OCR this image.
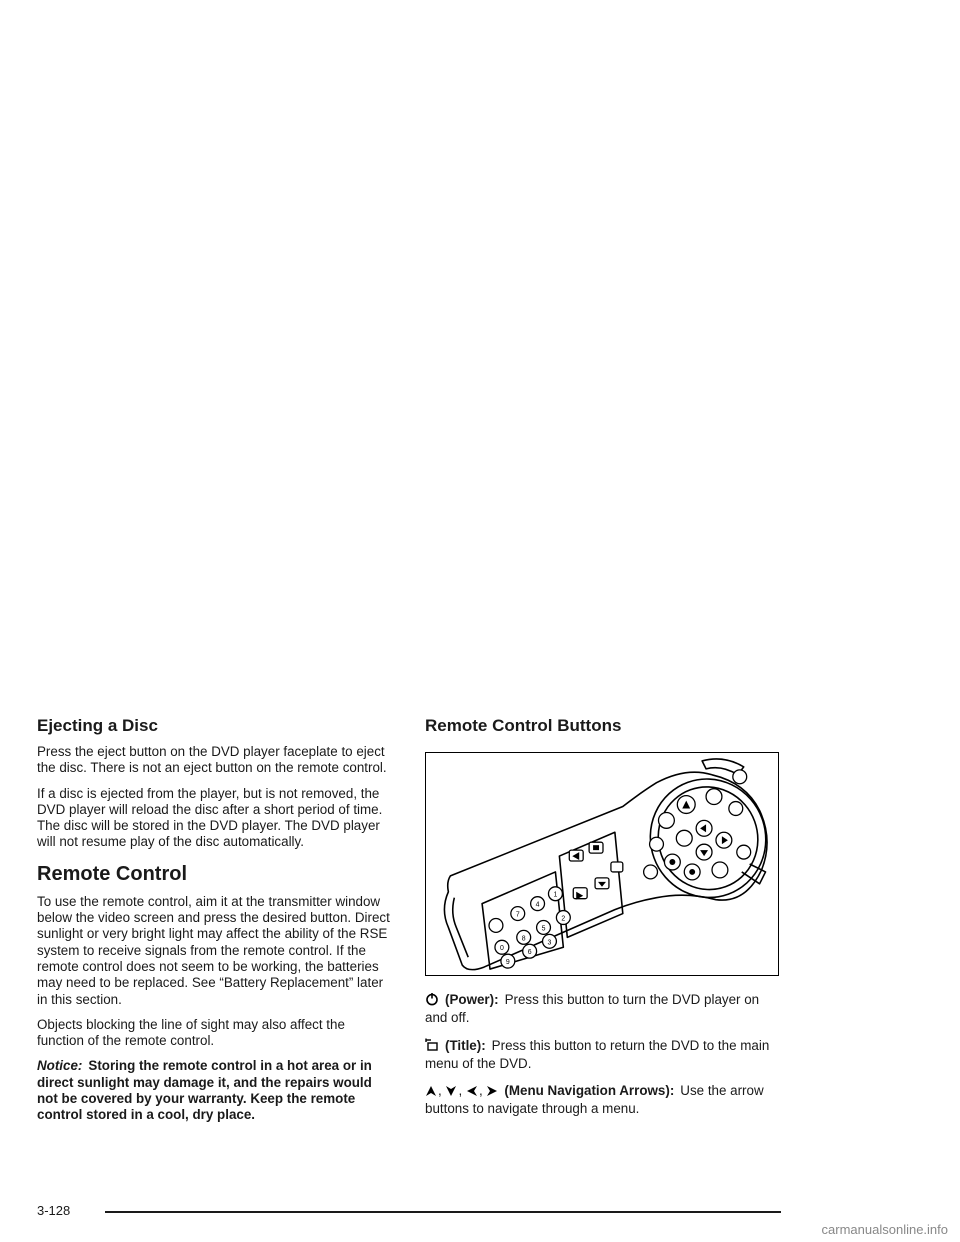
Ejecting a Disc

Press the eject button on the DVD player faceplate to eject the disc. There is not an eject button on the remote control.

If a disc is ejected from the player, but is not removed, the DVD player will reload the disc after a short period of time. The disc will be stored in the DVD player. The DVD player will not resume play of the disc automatically.

Remote Control

To use the remote control, aim it at the transmitter window below the video screen and press the desired button. Direct sunlight or very bright light may affect the ability of the RSE system to receive signals from the remote control. If the remote control does not seem to be working, the batteries may need to be replaced. See “Battery Replacement” later in this section.

Objects blocking the line of sight may also affect the function of the remote control.

Notice: Storing the remote control in a hot area or in direct sunlight may damage it, and the repairs would not be covered by your warranty. Keep the remote control stored in a cool, dry place.

Remote Control Buttons
1
2
3
4
5
6
7
8
9
0

(Power): Press this button to turn the DVD player on and off.

(Title): Press this button to return the DVD to the main menu of the DVD.

, , , (Menu Navigation Arrows): Use the arrow buttons to navigate through a menu.

3-128
carmanualsonline.info
